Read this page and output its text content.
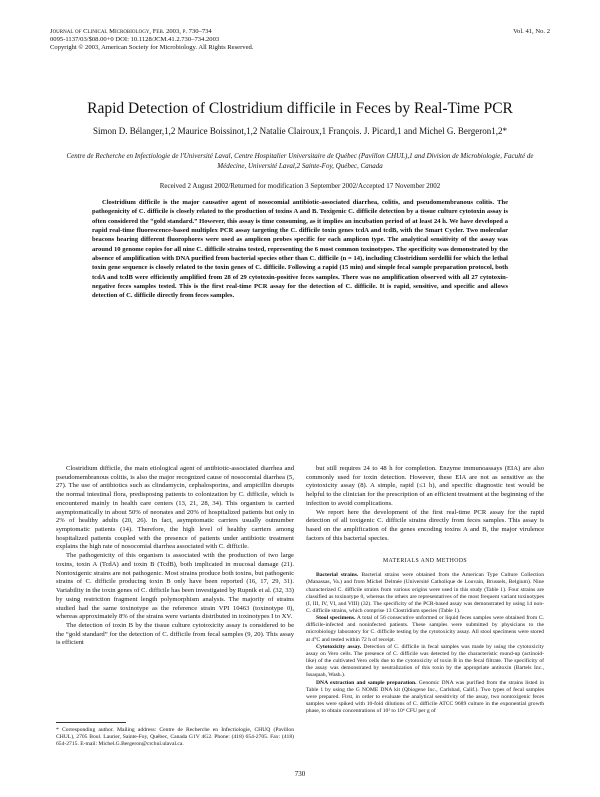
Journal of Clinical Microbiology, Feb. 2003, p. 730–734
0095-1137/03/$08.00+0 DOI: 10.1128/JCM.41.2.730–734.2003
Copyright © 2003, American Society for Microbiology. All Rights Reserved.
Vol. 41, No. 2
Rapid Detection of Clostridium difficile in Feces by Real-Time PCR
Simon D. Bélanger,1,2 Maurice Boissinot,1,2 Natalie Clairoux,1 François. J. Picard,1 and Michel G. Bergeron1,2*
Centre de Recherche en Infectiologie de l'Université Laval, Centre Hospitalier Universitaire de Québec (Pavillon CHUL),1 and Division de Microbiologie, Faculté de Médecine, Université Laval,2 Sainte-Foy, Québec, Canada
Received 2 August 2002/Returned for modification 3 September 2002/Accepted 17 November 2002
Clostridium difficile is the major causative agent of nosocomial antibiotic-associated diarrhea, colitis, and pseudomembranous colitis. The pathogenicity of C. difficile is closely related to the production of toxins A and B. Toxigenic C. difficile detection by a tissue culture cytotoxin assay is often considered the “gold standard.” However, this assay is time consuming, as it implies an incubation period of at least 24 h. We have developed a rapid real-time fluorescence-based multiplex PCR assay targeting the C. difficile toxin genes tcdA and tcdB, with the Smart Cycler. Two molecular beacons hearing different fluorophores were used as amplicon probes specific for each amplicon type. The analytical sensitivity of the assay was around 10 genome copies for all nine C. difficile strains tested, representing the 6 most common toxinotypes. The specificity was demonstrated by the absence of amplification with DNA purified from bacterial species other than C. difficile (n = 14), including Clostridium sordellii for which the lethal toxin gene sequence is closely related to the toxin genes of C. difficile. Following a rapid (15 min) and simple fecal sample preparation protocol, both tcdA and tcdB were efficiently amplified from 28 of 29 cytotoxin-positive feces samples. There was no amplification observed with all 27 cytotoxin-negative feces samples tested. This is the first real-time PCR assay for the detection of C. difficile. It is rapid, sensitive, and specific and allows detection of C. difficile directly from feces samples.

Clostridium difficile, the main etiological agent of antibiotic-associated diarrhea and pseudomembranous colitis, is also the major recognized cause of nosocomial diarrhea (5, 27). The use of antibiotics such as clindamycin, cephalosporins, and ampicillin disrupts the normal intestinal flora, predisposing patients to colonization by C. difficile, which is encountered mainly in health care centers (13, 21, 28, 34). This organism is carried asymptomatically in about 50% of neonates and 20% of hospitalized patients but only in 2% of healthy adults (20, 26). In fact, asymptomatic carriers usually outnumber symptomatic patients (14). Therefore, the high level of healthy carriers among hospitalized patients coupled with the presence of patients under antibiotic treatment explains the high rate of nosocomial diarrhea associated with C. difficile.

The pathogenicity of this organism is associated with the production of two large toxins, toxin A (TcdA) and toxin B (TcdB), both implicated in mucosal damage (21). Nontoxigenic strains are not pathogenic. Most strains produce both toxins, but pathogenic strains of C. difficile producing toxin B only have been reported (16, 17, 29, 31). Variability in the toxin genes of C. difficile has been investigated by Rupnik et al. (32, 33) by using restriction fragment length polymorphism analysis. The majority of strains studied had the same toxinotype as the reference strain VPI 10463 (toxinotype 0), whereas approximately 8% of the strains were variants distributed in toxinotypes I to XV.

The detection of toxin B by the tissue culture cytotoxicity assay is considered to be the “gold standard” for the detection of C. difficile from fecal samples (9, 20). This assay is efficient

but still requires 24 to 48 h for completion. Enzyme immunoassays (EIA) are also commonly used for toxin detection. However, these EIA are not as sensitive as the cytotoxicity assay (8). A simple, rapid (≤1 h), and specific diagnostic test would be helpful to the clinician for the prescription of an efficient treatment at the beginning of the infection to avoid complications.

We report here the development of the first real-time PCR assay for the rapid detection of all toxigenic C. difficile strains directly from feces samples. This assay is based on the amplification of the genes encoding toxins A and B, the major virulence factors of this bacterial species.

MATERIALS AND METHODS

Bacterial strains. Bacterial strains were obtained from the American Type Culture Collection (Manassas, Va.) and from Michel Delmée (Université Catholique de Louvain, Brussels, Belgium). Nine characterized C. difficile strains from various origins were used in this study (Table 1). Four strains are classified as toxinotype 0, whereas the others are representatives of the most frequent variant toxinotypes (I, III, IV, VI, and VIII) (32). The specificity of the PCR-based assay was demonstrated by using 14 non-C. difficile strains, which comprise 13 Clostridium species (Table 1).

Stool specimens. A total of 56 consecutive unformed or liquid feces samples were obtained from C. difficile-infected and noninfected patients. These samples were submitted by physicians to the microbiology laboratory for C. difficile testing by the cytotoxicity assay. All stool specimens were stored at 4°C and tested within 72 h of receipt.

Cytotoxicity assay. Detection of C. difficile in fecal samples was made by using the cytotoxicity assay on Vero cells. The presence of C. difficile was detected by the characteristic round-up (actinoid-like) of the cultivated Vero cells due to the cytotoxicity of toxin B in the fecal filtrate. The specificity of the assay was demonstrated by neutralization of this toxin by the appropriate antitoxin (Bartels Inc., Issaquah, Wash.).

DNA extraction and sample preparation. Genomic DNA was purified from the strains listed in Table 1 by using the G NOME DNA kit (Qbiogene Inc., Carlsbad, Calif.). Two types of fecal samples were prepared. First, in order to evaluate the analytical sensitivity of the assay, two nontoxigenic feces samples were spiked with 10-fold dilutions of C. difficile ATCC 9689 culture in the exponential growth phase, to obtain concentrations of 10² to 10⁶ CFU per g of

* Corresponding author. Mailing address: Centre de Recherche en Infectiologie, CHUQ (Pavillon CHUL), 2705 Boul. Laurier, Sainte-Foy, Québec, Canada G1V 4G2. Phone: (418) 654-2705. Fax: (418) 654-2715. E-mail: Michel.G.Bergeron@crchul.ulaval.ca.
730
